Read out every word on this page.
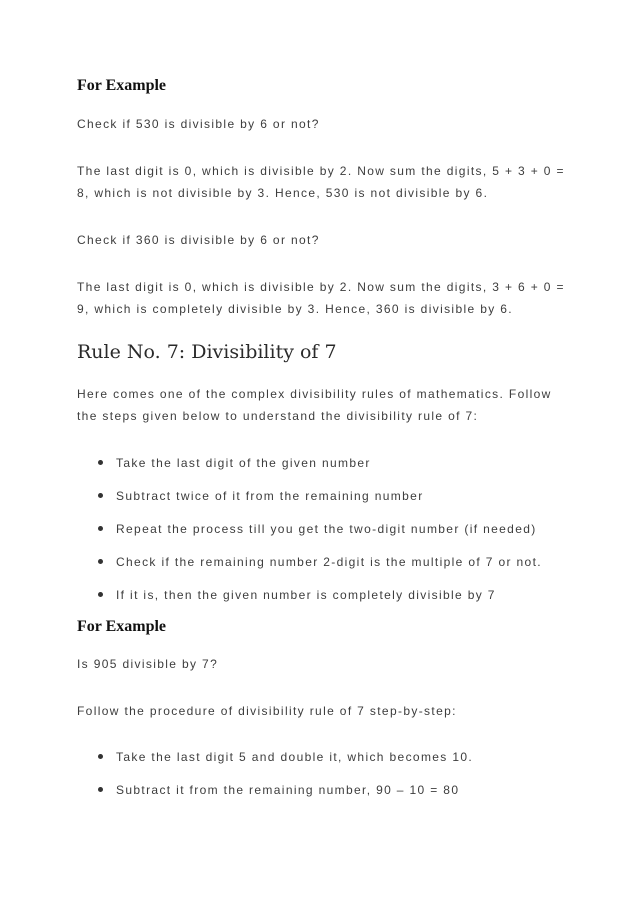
For Example
Check if 530 is divisible by 6 or not?
The last digit is 0, which is divisible by 2. Now sum the digits, 5 + 3 + 0 =
8, which is not divisible by 3. Hence, 530 is not divisible by 6.
Check if 360 is divisible by 6 or not?
The last digit is 0, which is divisible by 2. Now sum the digits, 3 + 6 + 0 =
9, which is completely divisible by 3. Hence, 360 is divisible by 6.
Rule No. 7: Divisibility of 7
Here comes one of the complex divisibility rules of mathematics. Follow
the steps given below to understand the divisibility rule of 7:
Take the last digit of the given number
Subtract twice of it from the remaining number
Repeat the process till you get the two-digit number (if needed)
Check if the remaining number 2-digit is the multiple of 7 or not.
If it is, then the given number is completely divisible by 7
For Example
Is 905 divisible by 7?
Follow the procedure of divisibility rule of 7 step-by-step:
Take the last digit 5 and double it, which becomes 10.
Subtract it from the remaining number, 90 – 10 = 80
